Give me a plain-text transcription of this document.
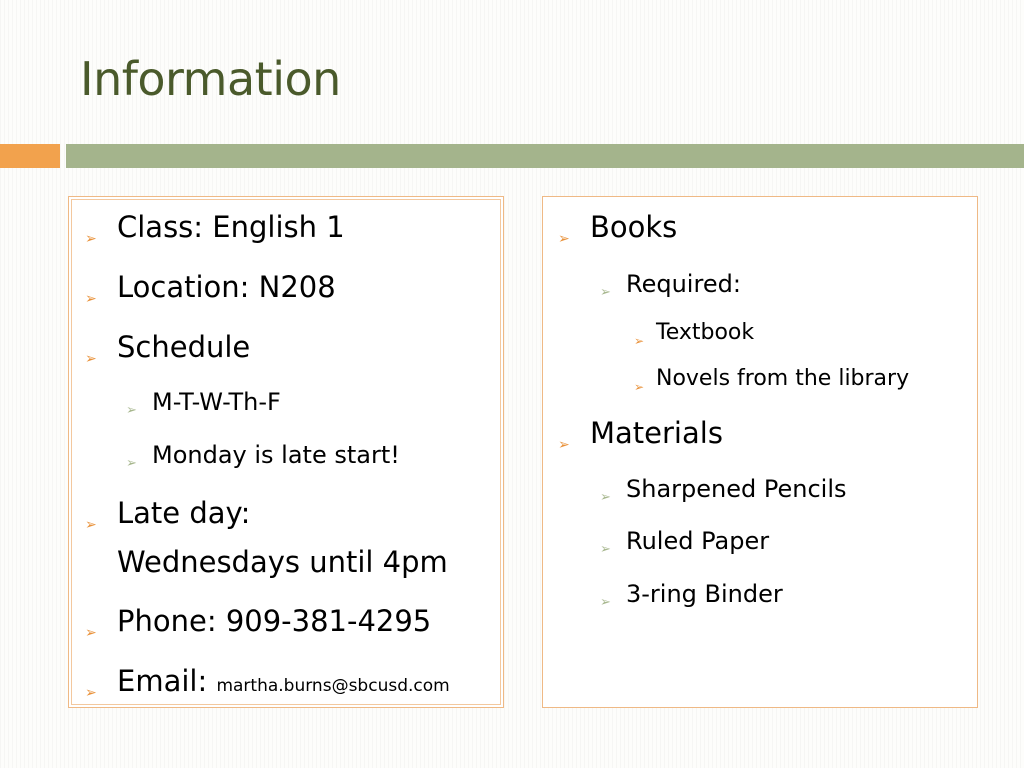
Information
➢ Class: English 1
➢ Location: N208
➢ Schedule
➢ M-T-W-Th-F
➢ Monday is late start!
➢ Late day:
Wednesdays until 4pm
➢ Phone: 909-381-4295
➢ Email: martha.burns@sbcusd.com
➢ Books
➢ Required:
➢ Textbook
➢ Novels from the library
➢ Materials
➢ Sharpened Pencils
➢ Ruled Paper
➢ 3-ring Binder
